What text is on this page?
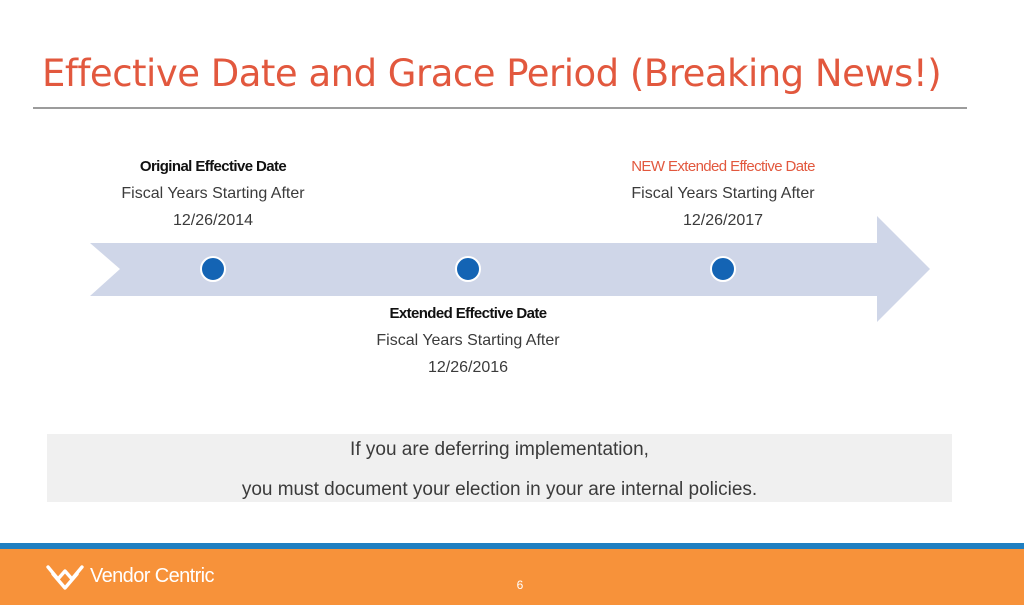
Effective Date and Grace Period (Breaking News!)
Original Effective Date
Fiscal Years Starting After
12/26/2014
Extended Effective Date
Fiscal Years Starting After
12/26/2016
NEW Extended Effective Date
Fiscal Years Starting After
12/26/2017
If you are deferring implementation,
you must document your election in your are internal policies.
Vendor Centric	6
